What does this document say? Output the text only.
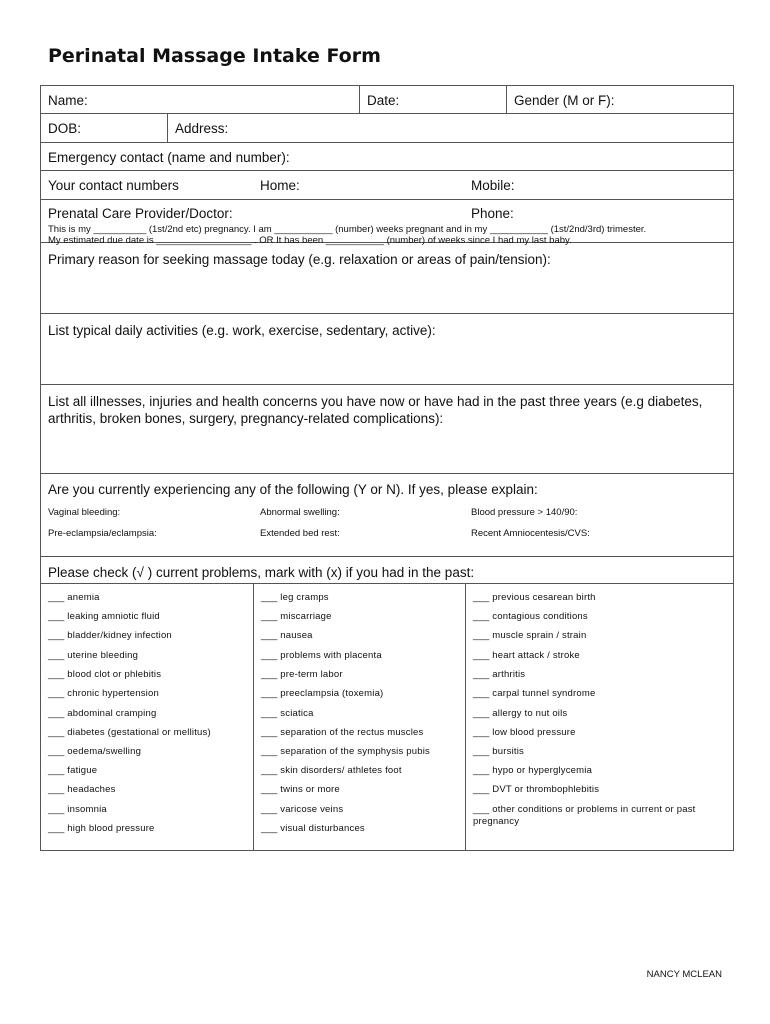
Perinatal Massage Intake Form
Name:	Date:	Gender (M or F):
DOB:	Address:
Emergency contact (name and number):
Your contact numbers	Home:	Mobile:
Prenatal Care Provider/Doctor:	Phone:
This is my __________ (1st/2nd etc) pregnancy. I am ___________ (number) weeks pregnant and in my ___________ (1st/2nd/3rd) trimester.
My estimated due date is __________________ . OR It has been ___________ (number) of weeks since I had my last baby.
Primary reason for seeking massage today (e.g. relaxation or areas of pain/tension):
List typical daily activities (e.g. work, exercise, sedentary, active):
List all illnesses, injuries and health concerns you have now or have had in the past three years (e.g diabetes, arthritis, broken bones, surgery, pregnancy-related complications):
Are you currently experiencing any of the following (Y or N). If yes, please explain:
Vaginal bleeding:	Abnormal swelling:	Blood pressure > 140/90:
Pre-eclampsia/eclampsia:	Extended bed rest:	Recent Amniocentesis/CVS:
Please check (√ ) current problems, mark with (x) if you had in the past:
___ anemia
___ leaking amniotic fluid
___ bladder/kidney infection
___ uterine bleeding
___ blood clot or phlebitis
___ chronic hypertension
___ abdominal cramping
___ diabetes (gestational or mellitus)
___ oedema/swelling
___ fatigue
___ headaches
___ insomnia
___ high blood pressure
___ leg cramps
___ miscarriage
___ nausea
___ problems with placenta
___ pre-term labor
___ preeclampsia (toxemia)
___ sciatica
___ separation of the rectus muscles
___ separation of the symphysis pubis
___ skin disorders/ athletes foot
___ twins or more
___ varicose veins
___ visual disturbances
___ previous cesarean birth
___ contagious conditions
___ muscle sprain / strain
___ heart attack / stroke
___ arthritis
___ carpal tunnel syndrome
___ allergy to nut oils
___ low blood pressure
___ bursitis
___ hypo or hyperglycemia
___ DVT or thrombophlebitis
___ other conditions or problems in current or past
pregnancy
NANCY MCLEAN
